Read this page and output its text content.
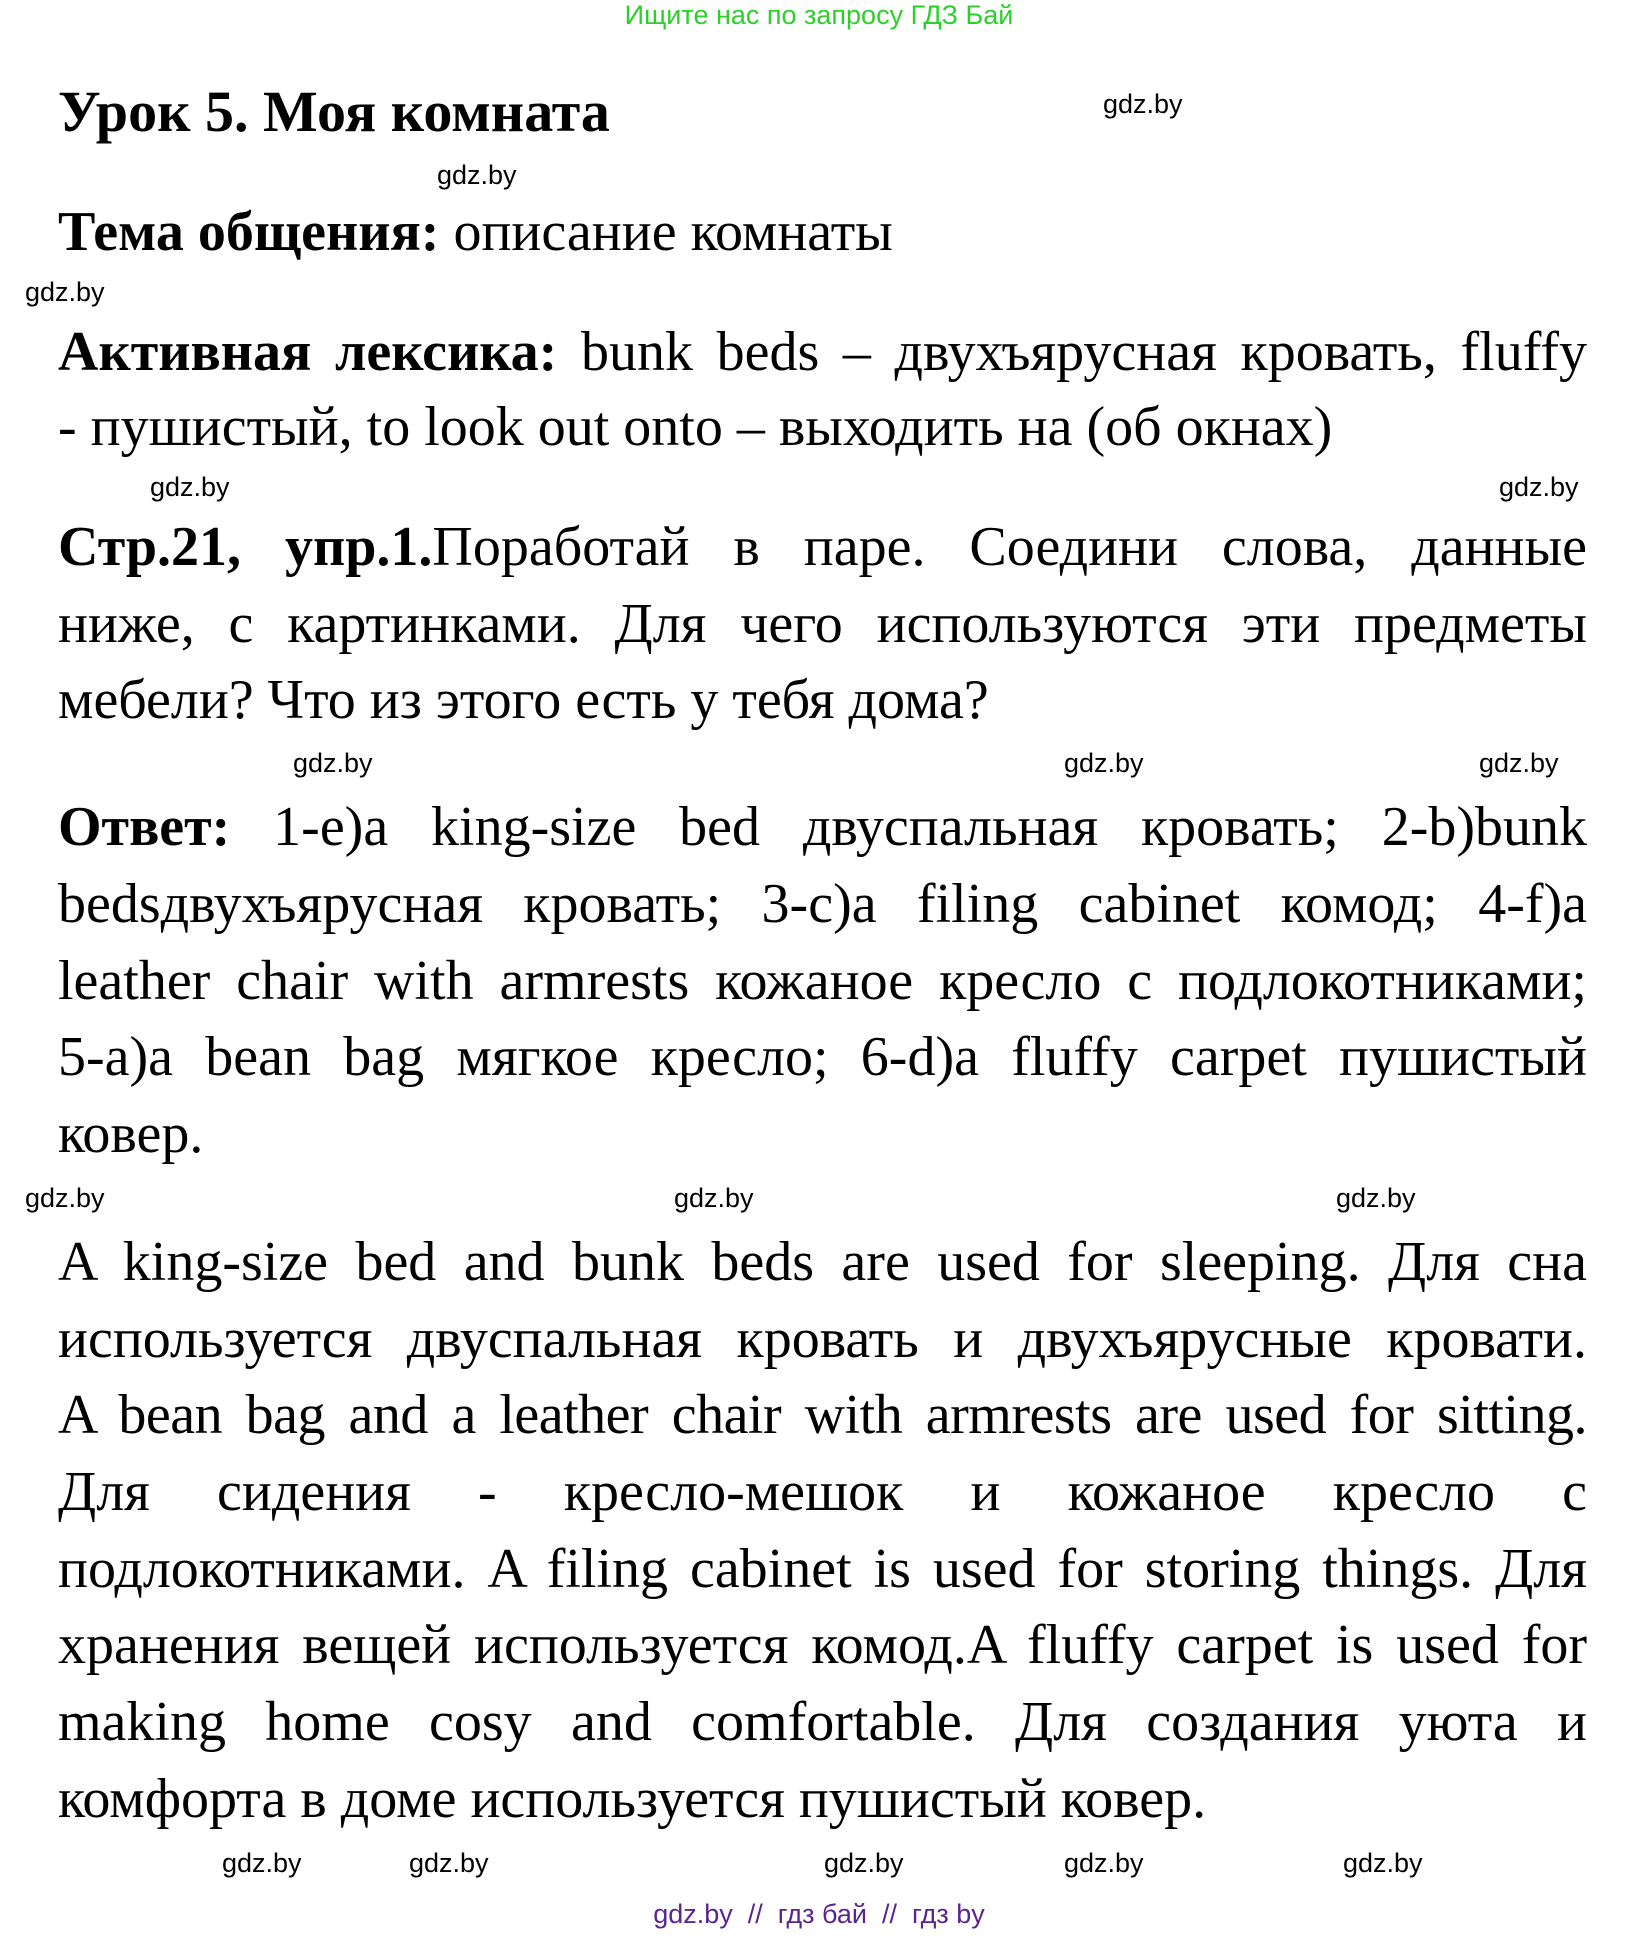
Ищите нас по запросу ГДЗ Бай
Урок 5. Моя комната
Тема общения: описание комнаты
Активная лексика: bunk beds – двухъярусная кровать, fluffy
- пушистый, to look out onto – выходить на (об окнах)
Стр.21, упр.1.Поработай в паре. Соедини слова, данные
ниже, с картинками. Для чего используются эти предметы
мебели? Что из этого есть у тебя дома?
Ответ: 1-e)a king-size bed двуспальная кровать; 2-b)bunk
bedsдвухъярусная кровать; 3-c)a filing cabinet комод; 4-f)a
leather chair with armrests кожаное кресло с подлокотниками;
5-a)a bean bag мягкое кресло; 6-d)a fluffy carpet пушистый
ковер.
A king-size bed and bunk beds are used for sleeping. Для сна
используется двуспальная кровать и двухъярусные кровати.
A bean bag and a leather chair with armrests are used for sitting.
Для сидения - кресло-мешок и кожаное кресло с
подлокотниками. A filing cabinet is used for storing things. Для
хранения вещей используется комод.A fluffy carpet is used for
making home cosy and comfortable. Для создания уюта и
комфорта в доме используется пушистый ковер.
gdz.by
gdz.by
gdz.by
gdz.by
gdz.by
gdz.by
gdz.by
gdz.by
gdz.by
gdz.by	gdz.by
gdz.by
gdz.by	gdz.by
gdz.by
gdz.by
gdz.by  //  гдз бай  //  гдз by
